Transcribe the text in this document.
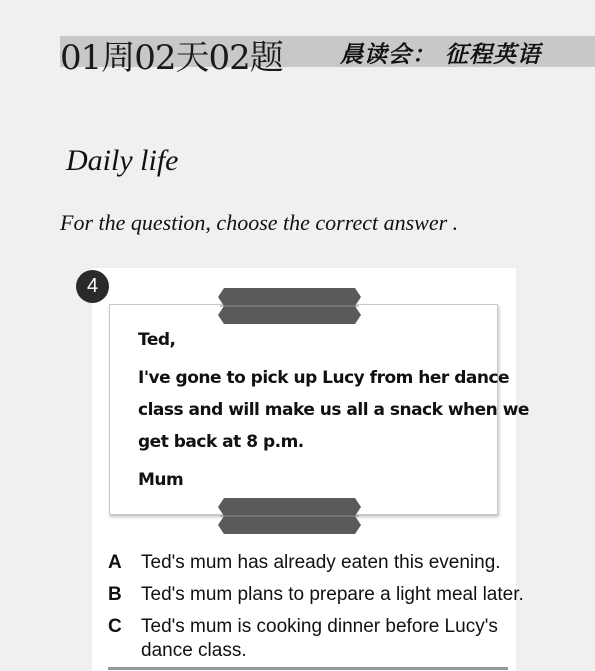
01周02天02题 晨读会： 征程英语
Daily life
For the question, choose the correct answer .
4
Ted,
I've gone to pick up Lucy from her dance
class and will make us all a snack when we
get back at 8 p.m.
Mum
A Ted's mum has already eaten this evening.
B Ted's mum plans to prepare a light meal later.
C Ted's mum is cooking dinner before Lucy's
dance class.
